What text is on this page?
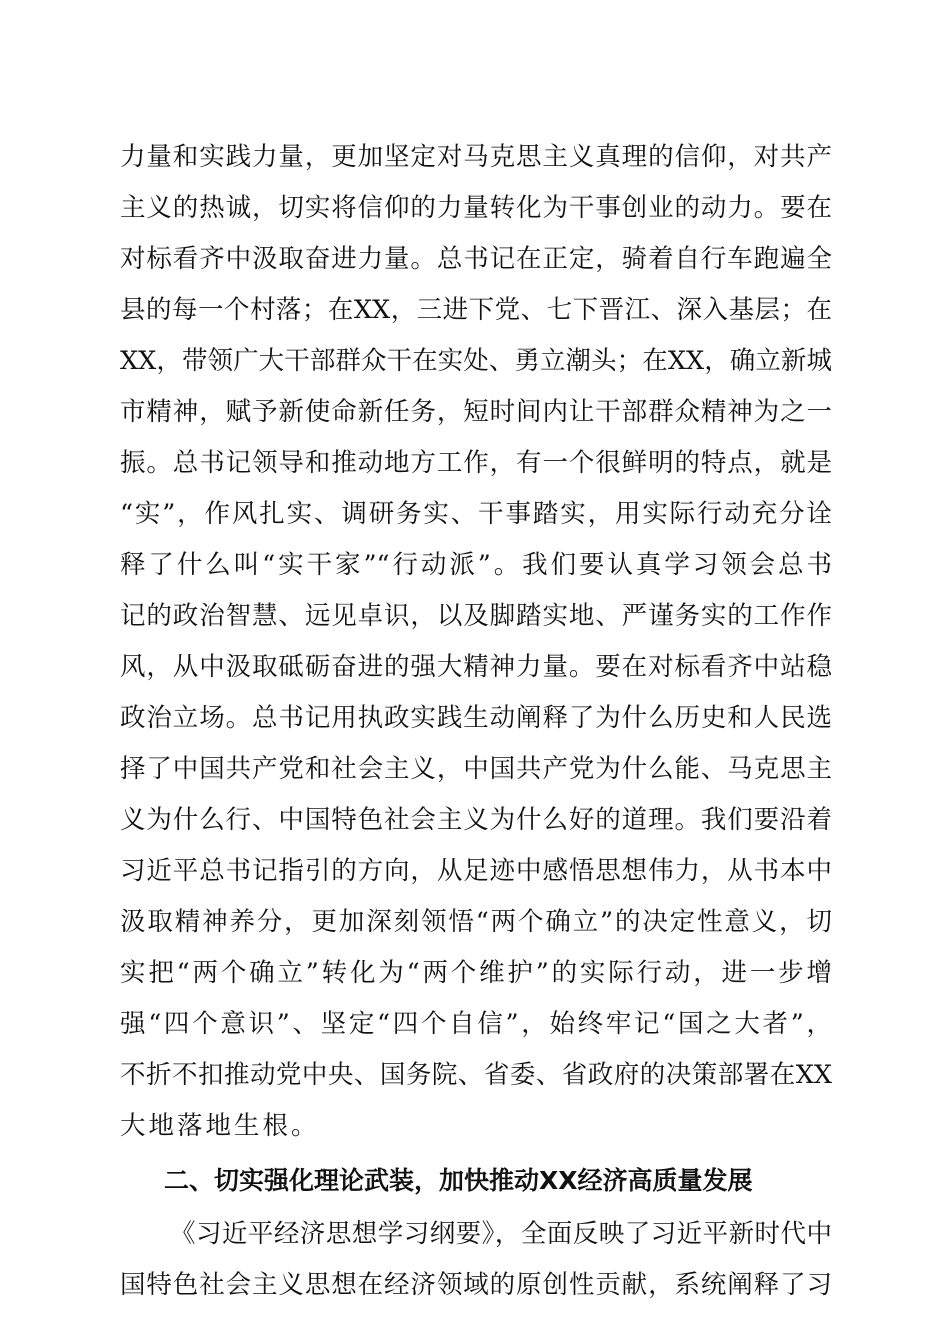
力量和实践力量，更加坚定对马克思主义真理的信仰，对共产
主义的热诚，切实将信仰的力量转化为干事创业的动力。要在
对标看齐中汲取奋进力量。总书记在正定，骑着自行车跑遍全
县的每一个村落；在XX，三进下党、七下晋江、深入基层；在
XX，带领广大干部群众干在实处、勇立潮头；在XX，确立新城
市精神，赋予新使命新任务，短时间内让干部群众精神为之一
振。总书记领导和推动地方工作，有一个很鲜明的特点，就是
“实”，作风扎实、调研务实、干事踏实，用实际行动充分诠
释了什么叫“实干家”“行动派”。我们要认真学习领会总书
记的政治智慧、远见卓识，以及脚踏实地、严谨务实的工作作
风，从中汲取砥砺奋进的强大精神力量。要在对标看齐中站稳
政治立场。总书记用执政实践生动阐释了为什么历史和人民选
择了中国共产党和社会主义，中国共产党为什么能、马克思主
义为什么行、中国特色社会主义为什么好的道理。我们要沿着
习近平总书记指引的方向，从足迹中感悟思想伟力，从书本中
汲取精神养分，更加深刻领悟“两个确立”的决定性意义，切
实把“两个确立”转化为“两个维护”的实际行动，进一步增
强“四个意识”、坚定“四个自信”，始终牢记“国之大者”，
不折不扣推动党中央、国务院、省委、省政府的决策部署在XX
大地落地生根。
二、切实强化理论武装，加快推动XX经济高质量发展
《习近平经济思想学习纲要》，全面反映了习近平新时代中
国特色社会主义思想在经济领域的原创性贡献，系统阐释了习
